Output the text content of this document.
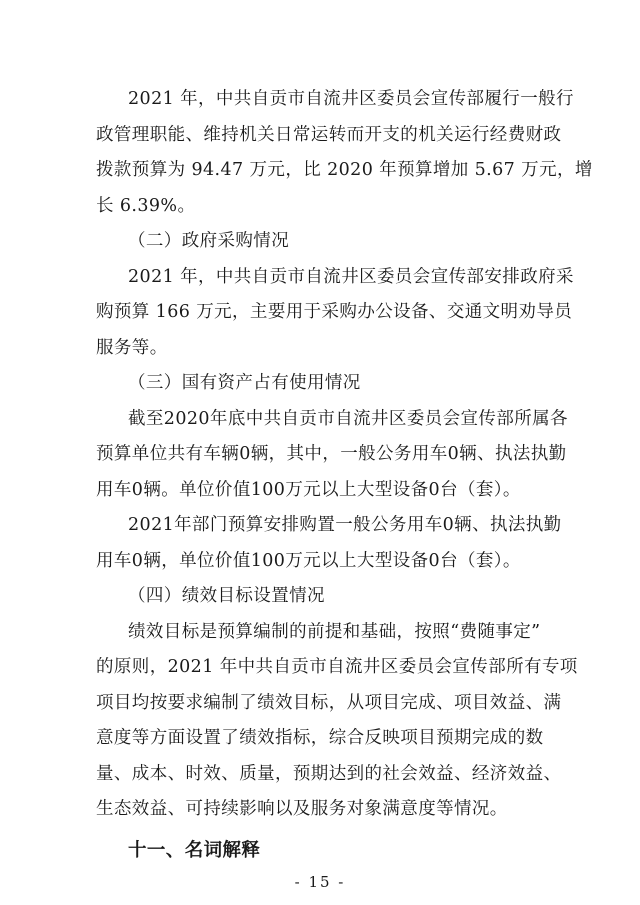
2021 年，中共自贡市自流井区委员会宣传部履行一般行
政管理职能、维持机关日常运转而开支的机关运行经费财政
拨款预算为 94.47 万元，比 2020 年预算增加 5.67 万元，增
长 6.39%。
（二）政府采购情况
2021 年，中共自贡市自流井区委员会宣传部安排政府采
购预算 166 万元，主要用于采购办公设备、交通文明劝导员
服务等。
（三）国有资产占有使用情况
截至2020年底中共自贡市自流井区委员会宣传部所属各
预算单位共有车辆0辆，其中，一般公务用车0辆、执法执勤
用车0辆。单位价值100万元以上大型设备0台（套）。
2021年部门预算安排购置一般公务用车0辆、执法执勤
用车0辆，单位价值100万元以上大型设备0台（套）。
（四）绩效目标设置情况
绩效目标是预算编制的前提和基础，按照“费随事定”
的原则，2021 年中共自贡市自流井区委员会宣传部所有专项
项目均按要求编制了绩效目标，从项目完成、项目效益、满
意度等方面设置了绩效指标，综合反映项目预期完成的数
量、成本、时效、质量，预期达到的社会效益、经济效益、
生态效益、可持续影响以及服务对象满意度等情况。
十一、名词解释
- 15 -
